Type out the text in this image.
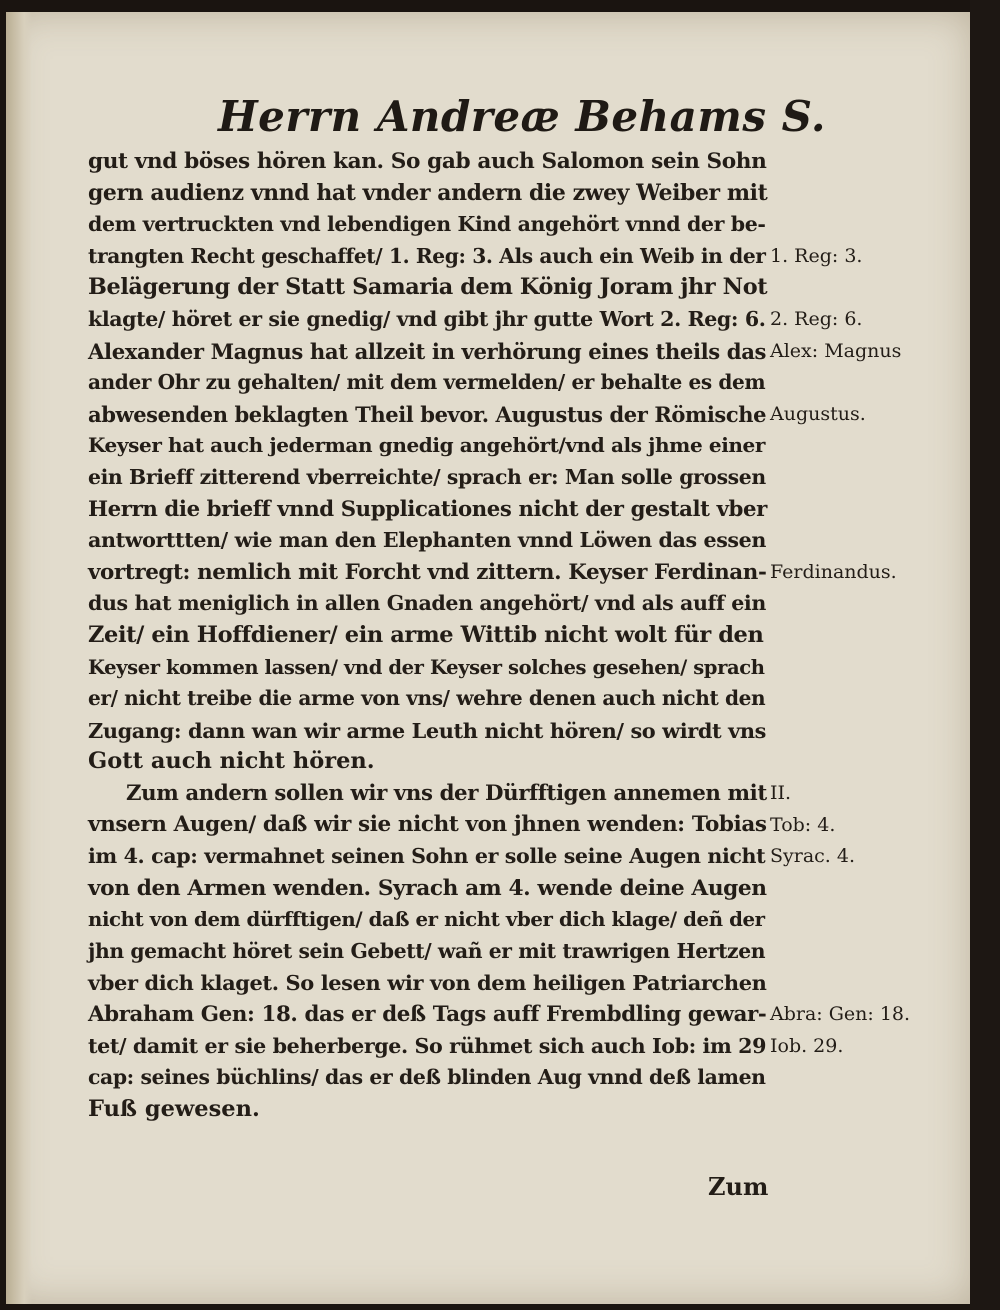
Herrn Andreæ Behams S.
gut vnd böses hören kan. So gab auch Salomon sein Sohn
gern audienz vnnd hat vnder andern die zwey Weiber mit
dem vertruckten vnd lebendigen Kind angehört vnnd der be-
trangten Recht geschaffet/ 1. Reg: 3. Als auch ein Weib in der
Belägerung der Statt Samaria dem König Joram jhr Not
klagte/ höret er sie gnedig/ vnd gibt jhr gutte Wort 2. Reg: 6.
Alexander Magnus hat allzeit in verhörung eines theils das
ander Ohr zu gehalten/ mit dem vermelden/ er behalte es dem
abwesenden beklagten Theil bevor. Augustus der Römische
Keyser hat auch jederman gnedig angehört/vnd als jhme einer
ein Brieff zitterend vberreichte/ sprach er: Man solle grossen
Herrn die brieff vnnd Supplicationes nicht der gestalt vber
antworttten/ wie man den Elephanten vnnd Löwen das essen
vortregt: nemlich mit Forcht vnd zittern. Keyser Ferdinan-
dus hat meniglich in allen Gnaden angehört/ vnd als auff ein
Zeit/ ein Hoffdiener/ ein arme Wittib nicht wolt für den
Keyser kommen lassen/ vnd der Keyser solches gesehen/ sprach
er/ nicht treibe die arme von vns/ wehre denen auch nicht den
Zugang: dann wan wir arme Leuth nicht hören/ so wirdt vns
Gott auch nicht hören.
Zum andern sollen wir vns der Dürfftigen annemen mit
vnsern Augen/ daß wir sie nicht von jhnen wenden: Tobias
im 4. cap: vermahnet seinen Sohn er solle seine Augen nicht
von den Armen wenden. Syrach am 4. wende deine Augen
nicht von dem dürfftigen/ daß er nicht vber dich klage/ deñ der
jhn gemacht höret sein Gebett/ wañ er mit trawrigen Hertzen
vber dich klaget. So lesen wir von dem heiligen Patriarchen
Abraham Gen: 18. das er deß Tags auff Frembdling gewar-
tet/ damit er sie beherberge. So rühmet sich auch Iob: im 29
cap: seines büchlins/ das er deß blinden Aug vnnd deß lamen
Fuß gewesen.
1. Reg: 3.
2. Reg: 6.
Alex: Magnus
Augustus.
Ferdinandus.
II.
Tob: 4.
Syrac. 4.
Abra: Gen: 18.
Iob. 29.
Zum
